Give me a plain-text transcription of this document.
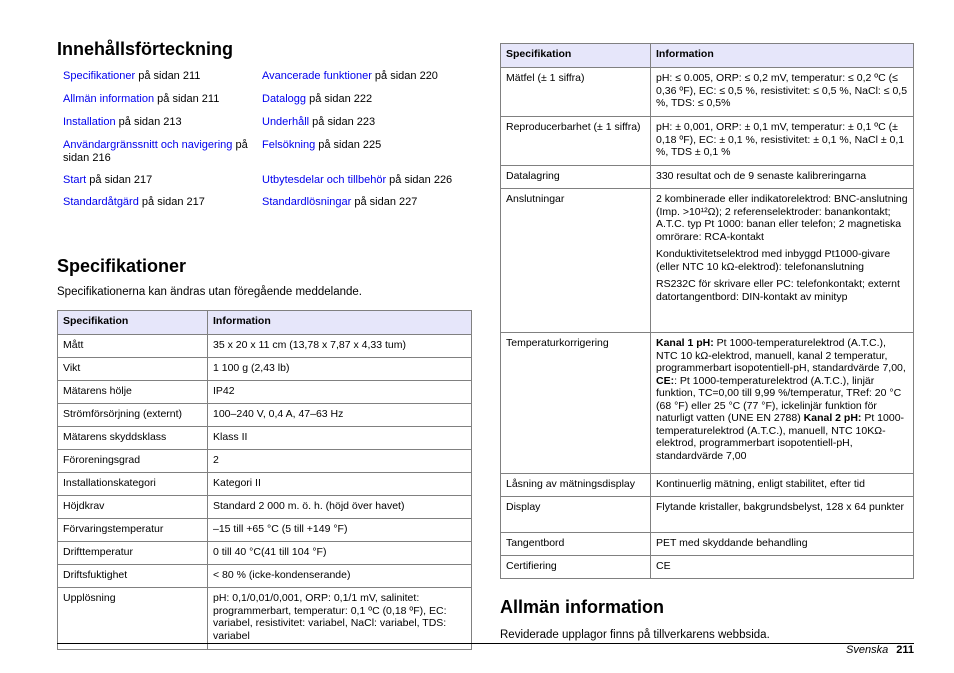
Innehållsförteckning
Specifikationer på sidan 211	Avancerade funktioner på sidan 220
Allmän information på sidan 211	Datalogg på sidan 222
Installation på sidan 213	Underhåll på sidan 223
Användargränssnitt och navigering på sidan 216
Felsökning på sidan 225
Start på sidan 217	Utbytesdelar och tillbehör på sidan 226
Standardåtgärd på sidan 217	Standardlösningar på sidan 227
Specifikationer

Specifikationerna kan ändras utan föregående meddelande.

Specifikation	Information
Mått	35 x 20 x 11 cm (13,78 x 7,87 x 4,33 tum)

Vikt	1 100 g (2,43 lb)

Mätarens hölje	IP42

Strömförsörjning (externt)	100–240 V, 0,4 A, 47–63 Hz

Mätarens skyddsklass	Klass II

Föroreningsgrad	2

Installationskategori	Kategori II

Höjdkrav	Standard 2 000 m. ö. h. (höjd över havet)

Förvaringstemperatur	–15 till +65 °C (5 till +149 °F)

Drifttemperatur	0 till 40 °C(41 till 104 °F)

Driftsfuktighet	< 80 % (icke-kondenserande)

Upplösning	pH: 0,1/0,01/0,001, ORP: 0,1/1 mV, salinitet: programmerbart, temperatur: 0,1 ºC (0,18 ºF), EC: variabel, resistivitet: variabel, NaCl: variabel, TDS: variabel
Specifikation	Information
Mätfel (± 1 siffra)	pH: ≤ 0.005, ORP: ≤ 0,2 mV, temperatur: ≤ 0,2 ºC (≤ 0,36 ºF), EC: ≤ 0,5 %, resistivitet: ≤ 0,5 %, NaCl: ≤ 0,5 %, TDS: ≤ 0,5%

Reproducerbarhet (± 1 siffra)	pH: ± 0,001, ORP: ± 0,1 mV, temperatur: ± 0,1 ºC (± 0,18 ºF), EC: ± 0,1 %, resistivitet: ± 0,1 %, NaCl ± 0,1 %, TDS ± 0,1 %

Datalagring	330 resultat och de 9 senaste kalibreringarna

Anslutningar	2 kombinerade eller indikatorelektrod: BNC-anslutning (Imp. >10¹²Ω); 2 referenselektroder: banankontakt; A.T.C. typ Pt 1000: banan eller telefon; 2 magnetiska omrörare: RCA-kontakt
Konduktivitetselektrod med inbyggd Pt1000-givare (eller NTC 10 kΩ-elektrod): telefonanslutning
RS232C för skrivare eller PC: telefonkontakt; externt datortangentbord: DIN-kontakt av minityp

Temperaturkorrigering	Kanal 1 pH: Pt 1000-temperaturelektrod (A.T.C.), NTC 10 kΩ-elektrod, manuell, kanal 2 temperatur, programmerbart isopotentiell-pH, standardvärde 7,00, CE:: Pt 1000-temperaturelektrod (A.T.C.), linjär funktion, TC=0,00 till 9,99 %/temperatur, TRef: 20 °C (68 °F) eller 25 °C (77 °F), ickelinjär funktion för naturligt vatten (UNE EN 2788) Kanal 2 pH: Pt 1000-temperaturelektrod (A.T.C.), manuell, NTC 10KΩ-elektrod, programmerbart isopotentiell-pH, standardvärde 7,00
Låsning av mätningsdisplay	Kontinuerlig mätning, enligt stabilitet, efter tid

Display	Flytande kristaller, bakgrundsbelyst, 128 x 64 punkter

Tangentbord	PET med skyddande behandling

Certifiering	CE
Allmän information

Reviderade upplagor finns på tillverkarens webbsida.

Svenska 211
